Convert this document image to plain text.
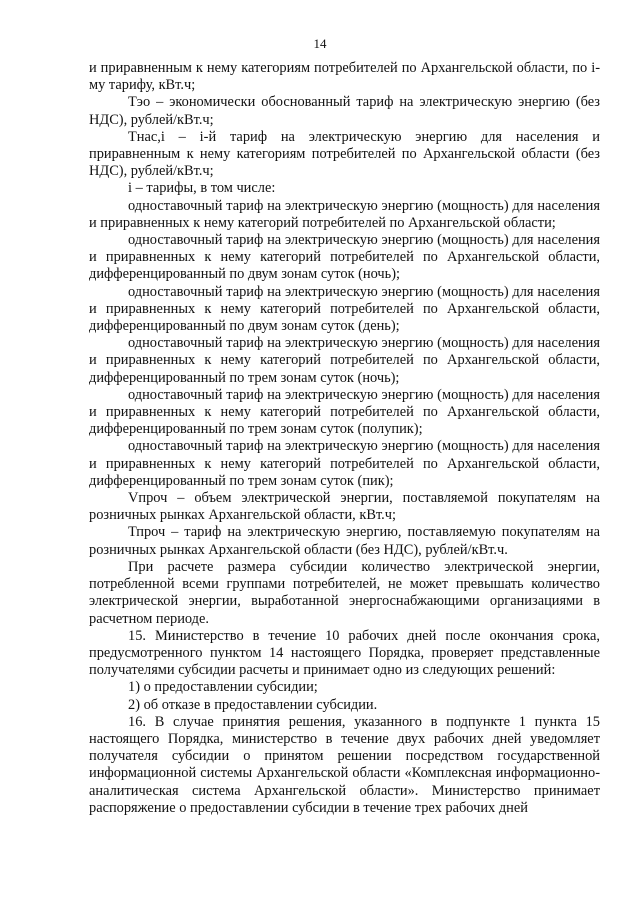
14

и приравненным к нему категориям потребителей по Архангельской области, по i-му тарифу, кВт.ч;

Тэо – экономически обоснованный тариф на электрическую энергию (без НДС), рублей/кВт.ч;

Тнас,i – i-й тариф на электрическую энергию для населения и приравненным к нему категориям потребителей по Архангельской области (без НДС), рублей/кВт.ч;

i – тарифы, в том числе:

одноставочный тариф на электрическую энергию (мощность) для населения и приравненных к нему категорий потребителей по Архангельской области;

одноставочный тариф на электрическую энергию (мощность) для населения и приравненных к нему категорий потребителей по Архангельской области, дифференцированный по двум зонам суток (ночь);

одноставочный тариф на электрическую энергию (мощность) для населения и приравненных к нему категорий потребителей по Архангельской области, дифференцированный по двум зонам суток (день);

одноставочный тариф на электрическую энергию (мощность) для населения и приравненных к нему категорий потребителей по Архангельской области, дифференцированный по трем зонам суток (ночь);

одноставочный тариф на электрическую энергию (мощность) для населения и приравненных к нему категорий потребителей по Архангельской области, дифференцированный по трем зонам суток (полупик);

одноставочный тариф на электрическую энергию (мощность) для населения и приравненных к нему категорий потребителей по Архангельской области, дифференцированный по трем зонам суток (пик);

Vпроч – объем электрической энергии, поставляемой покупателям на розничных рынках Архангельской области, кВт.ч;

Тпроч – тариф на электрическую энергию, поставляемую покупателям на розничных рынках Архангельской области (без НДС), рублей/кВт.ч.

При расчете размера субсидии количество электрической энергии, потребленной всеми группами потребителей, не может превышать количество электрической энергии, выработанной энергоснабжающими организациями в расчетном периоде.

15. Министерство в течение 10 рабочих дней после окончания срока, предусмотренного пунктом 14 настоящего Порядка, проверяет представленные получателями субсидии расчеты и принимает одно из следующих решений:

1) о предоставлении субсидии;

2) об отказе в предоставлении субсидии.

16. В случае принятия решения, указанного в подпункте 1 пункта 15 настоящего Порядка, министерство в течение двух рабочих дней уведомляет получателя субсидии о принятом решении посредством государственной информационной системы Архангельской области «Комплексная информационно-аналитическая система Архангельской области». Министерство принимает распоряжение о предоставлении субсидии в течение трех рабочих дней
